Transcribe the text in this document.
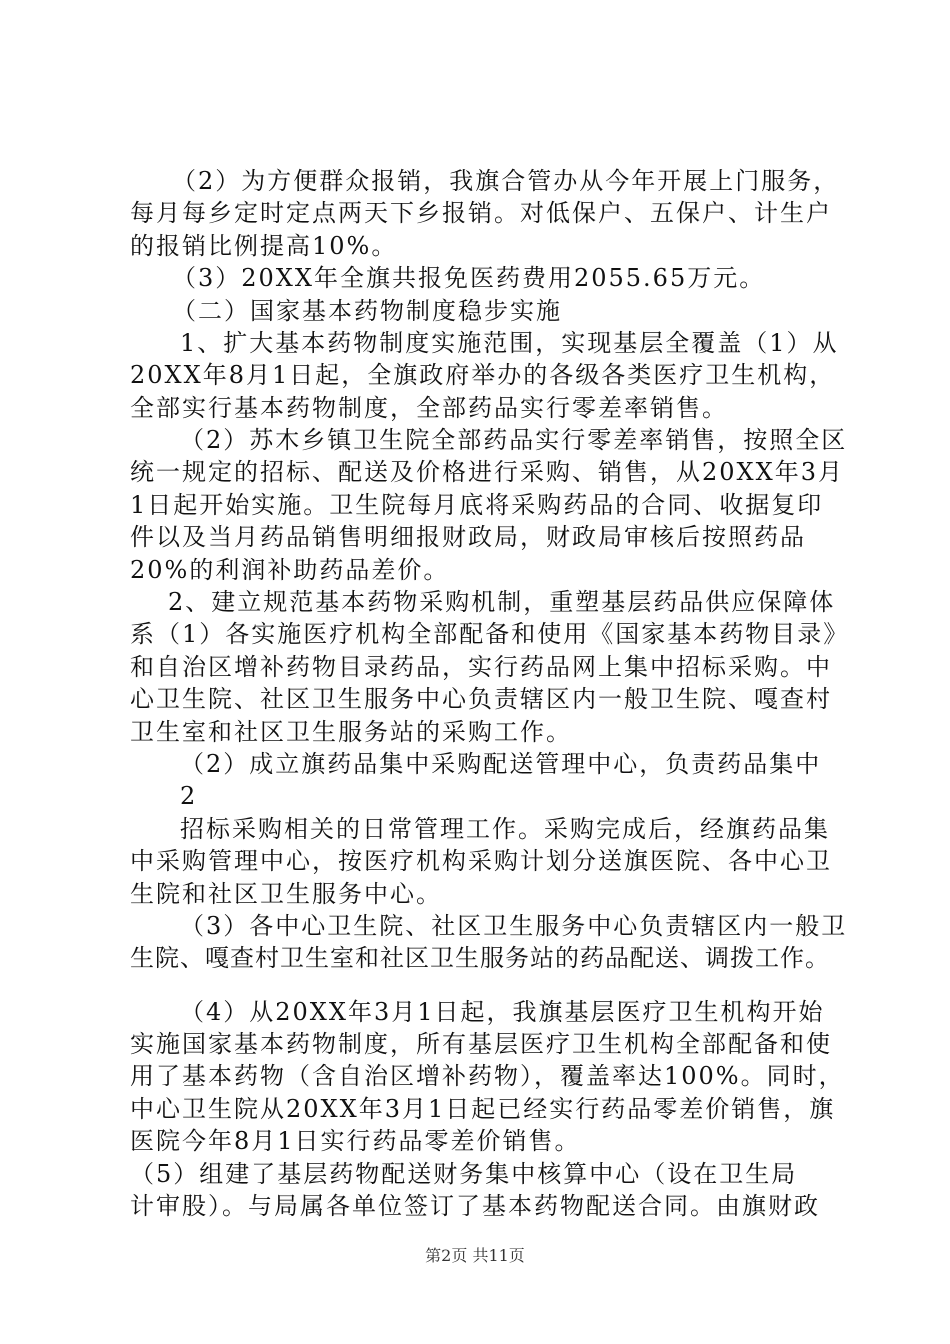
（2）为方便群众报销，我旗合管办从今年开展上门服务，
每月每乡定时定点两天下乡报销。对低保户、五保户、计生户
的报销比例提高10%。
（3）20XX年全旗共报免医药费用2055.65万元。
（二）国家基本药物制度稳步实施
1、扩大基本药物制度实施范围，实现基层全覆盖（1）从
20XX年8月1日起，全旗政府举办的各级各类医疗卫生机构，
全部实行基本药物制度，全部药品实行零差率销售。
（2）苏木乡镇卫生院全部药品实行零差率销售，按照全区
统一规定的招标、配送及价格进行采购、销售，从20XX年3月
1日起开始实施。卫生院每月底将采购药品的合同、收据复印
件以及当月药品销售明细报财政局，财政局审核后按照药品
20%的利润补助药品差价。
2、建立规范基本药物采购机制，重塑基层药品供应保障体
系（1）各实施医疗机构全部配备和使用《国家基本药物目录》
和自治区增补药物目录药品，实行药品网上集中招标采购。中
心卫生院、社区卫生服务中心负责辖区内一般卫生院、嘎查村
卫生室和社区卫生服务站的采购工作。
（2）成立旗药品集中采购配送管理中心，负责药品集中
2
招标采购相关的日常管理工作。采购完成后，经旗药品集
中采购管理中心，按医疗机构采购计划分送旗医院、各中心卫
生院和社区卫生服务中心。
（3）各中心卫生院、社区卫生服务中心负责辖区内一般卫
生院、嘎查村卫生室和社区卫生服务站的药品配送、调拨工作。
（4）从20XX年3月1日起，我旗基层医疗卫生机构开始
实施国家基本药物制度，所有基层医疗卫生机构全部配备和使
用了基本药物（含自治区增补药物），覆盖率达100%。同时，
中心卫生院从20XX年3月1日起已经实行药品零差价销售，旗
医院今年8月1日实行药品零差价销售。
（5）组建了基层药物配送财务集中核算中心（设在卫生局
计审股）。与局属各单位签订了基本药物配送合同。由旗财政
第2页 共11页
